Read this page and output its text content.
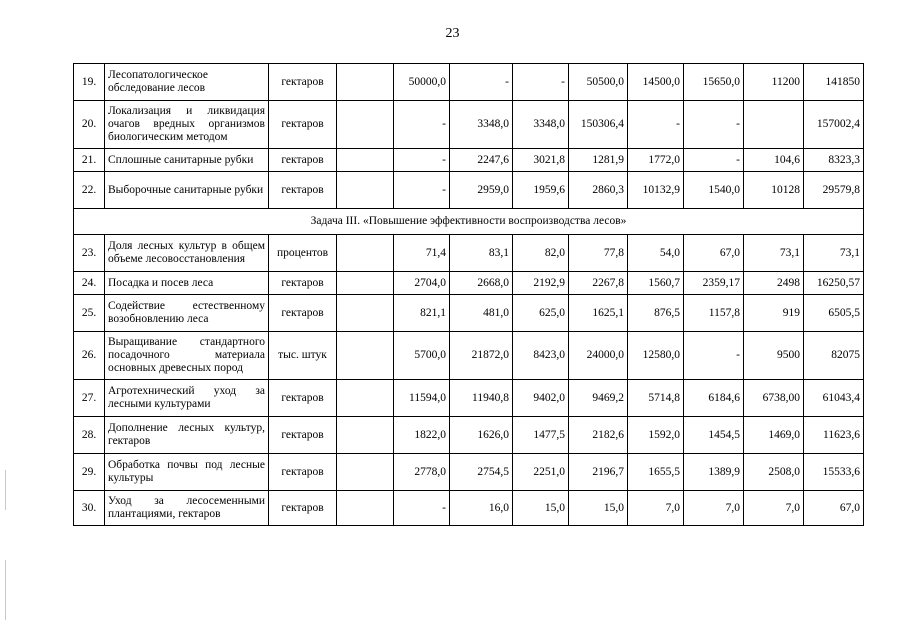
23
19.	Лесопатологическое обследование лесов	гектаров		50000,0	-	-	50500,0	14500,0	15650,0	11200	141850
20.	Локализация и ликвидация очагов вредных организмов биологическим методом	гектаров		-	3348,0	3348,0	150306,4	-	-		157002,4
21.	Сплошные санитарные рубки	гектаров		-	2247,6	3021,8	1281,9	1772,0	-	104,6	8323,3
22.	Выборочные санитарные рубки	гектаров		-	2959,0	1959,6	2860,3	10132,9	1540,0	10128	29579,8
Задача III. «Повышение эффективности воспроизводства лесов»											
23.	Доля лесных культур в общем объеме лесовосстановления	процентов		71,4	83,1	82,0	77,8	54,0	67,0	73,1	73,1
24.	Посадка и посев леса	гектаров		2704,0	2668,0	2192,9	2267,8	1560,7	2359,17	2498	16250,57
25.	Содействие естественному возобновлению леса	гектаров		821,1	481,0	625,0	1625,1	876,5	1157,8	919	6505,5
26.	Выращивание стандартного посадочного материала основных древесных пород	тыс. штук		5700,0	21872,0	8423,0	24000,0	12580,0	-	9500	82075
27.	Агротехнический уход за лесными культурами	гектаров		11594,0	11940,8	9402,0	9469,2	5714,8	6184,6	6738,00	61043,4
28.	Дополнение лесных культур, гектаров	гектаров		1822,0	1626,0	1477,5	2182,6	1592,0	1454,5	1469,0	11623,6
29.	Обработка почвы под лесные культуры	гектаров		2778,0	2754,5	2251,0	2196,7	1655,5	1389,9	2508,0	15533,6
30.	Уход за лесосеменными плантациями, гектаров	гектаров		-	16,0	15,0	15,0	7,0	7,0	7,0	67,0
